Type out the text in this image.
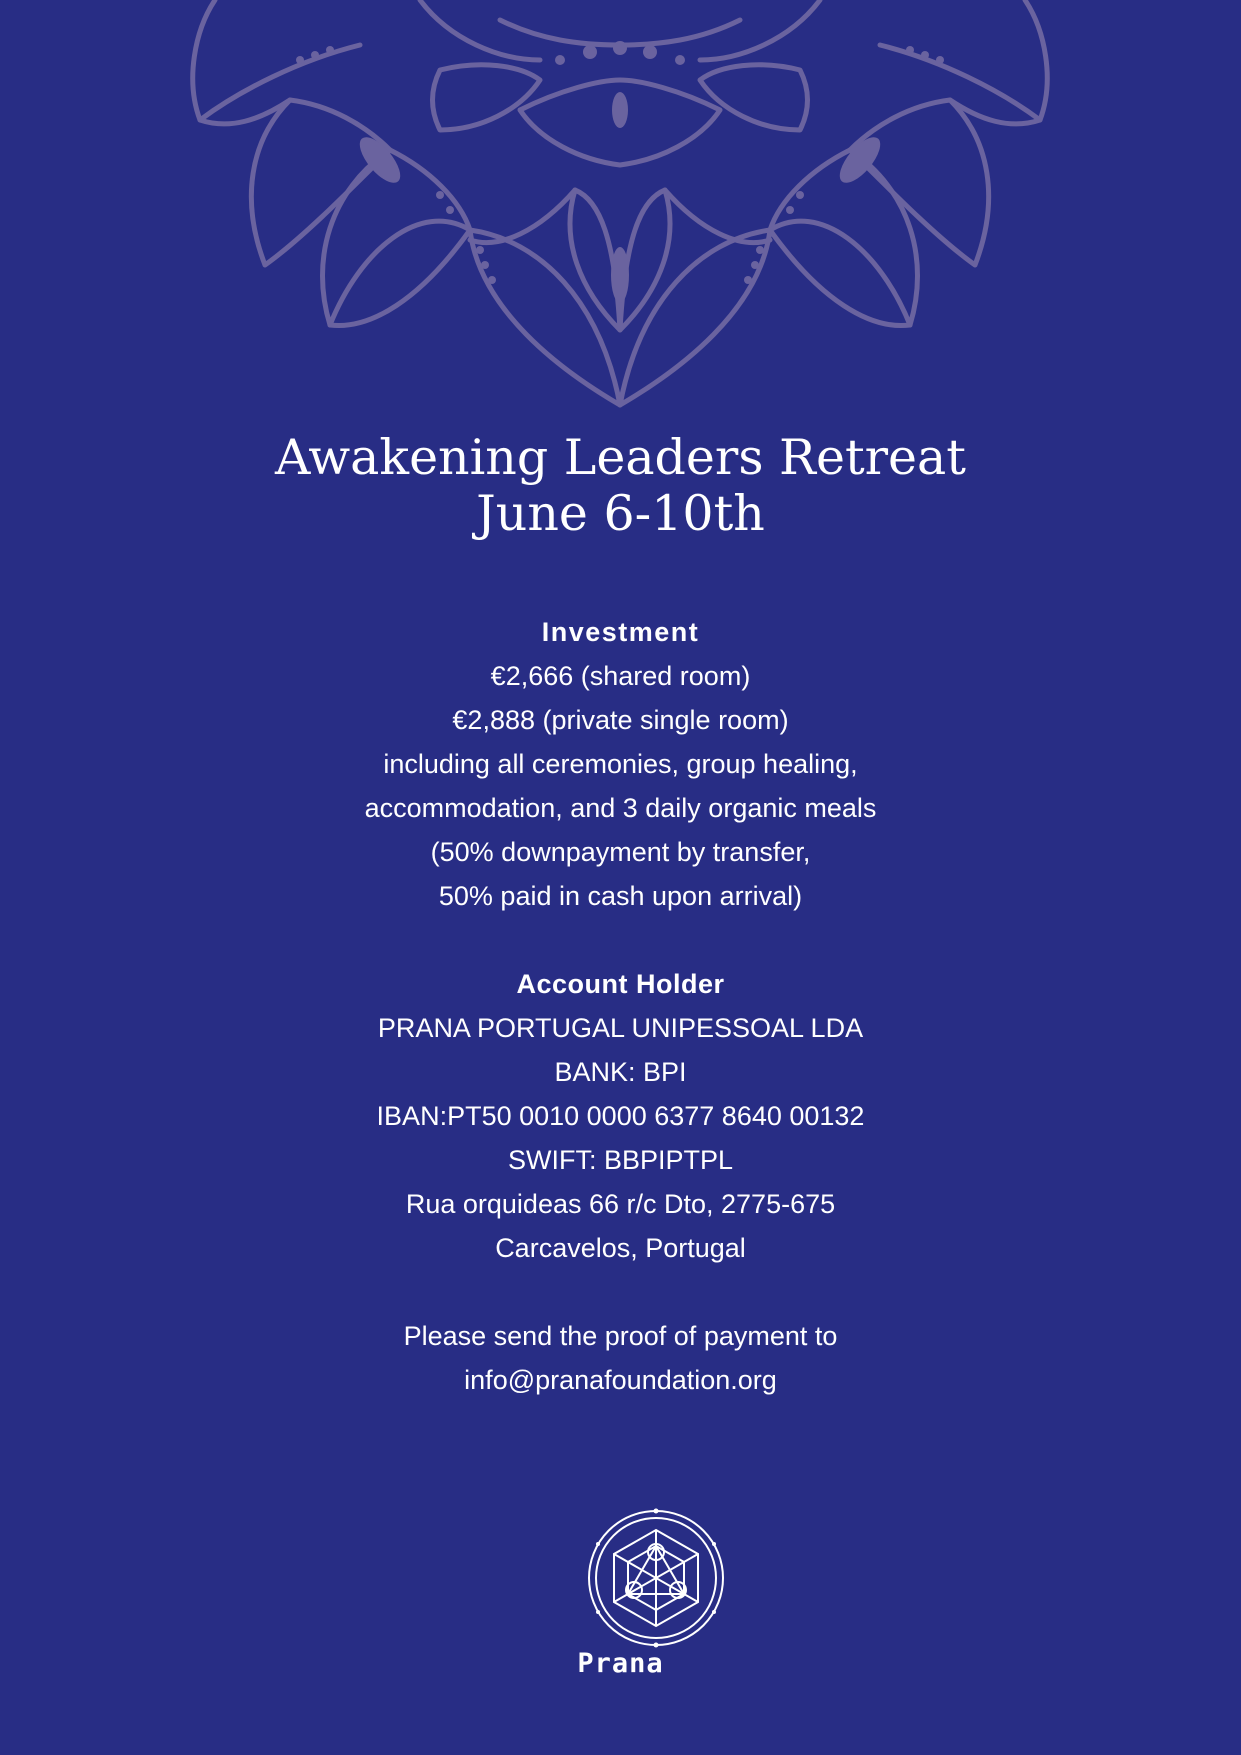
Awakening Leaders Retreat
June 6-10th
Investment
€2,666 (shared room)
€2,888 (private single room)
including all ceremonies, group healing,
accommodation, and 3 daily organic meals
(50% downpayment by transfer,
50% paid in cash upon arrival)
Account Holder
PRANA PORTUGAL UNIPESSOAL LDA
BANK: BPI
IBAN:PT50 0010 0000 6377 8640 00132
SWIFT: BBPIPTPL
Rua orquideas 66 r/c Dto, 2775-675
Carcavelos, Portugal
Please send the proof of payment to
info@pranafoundation.org
Prana
